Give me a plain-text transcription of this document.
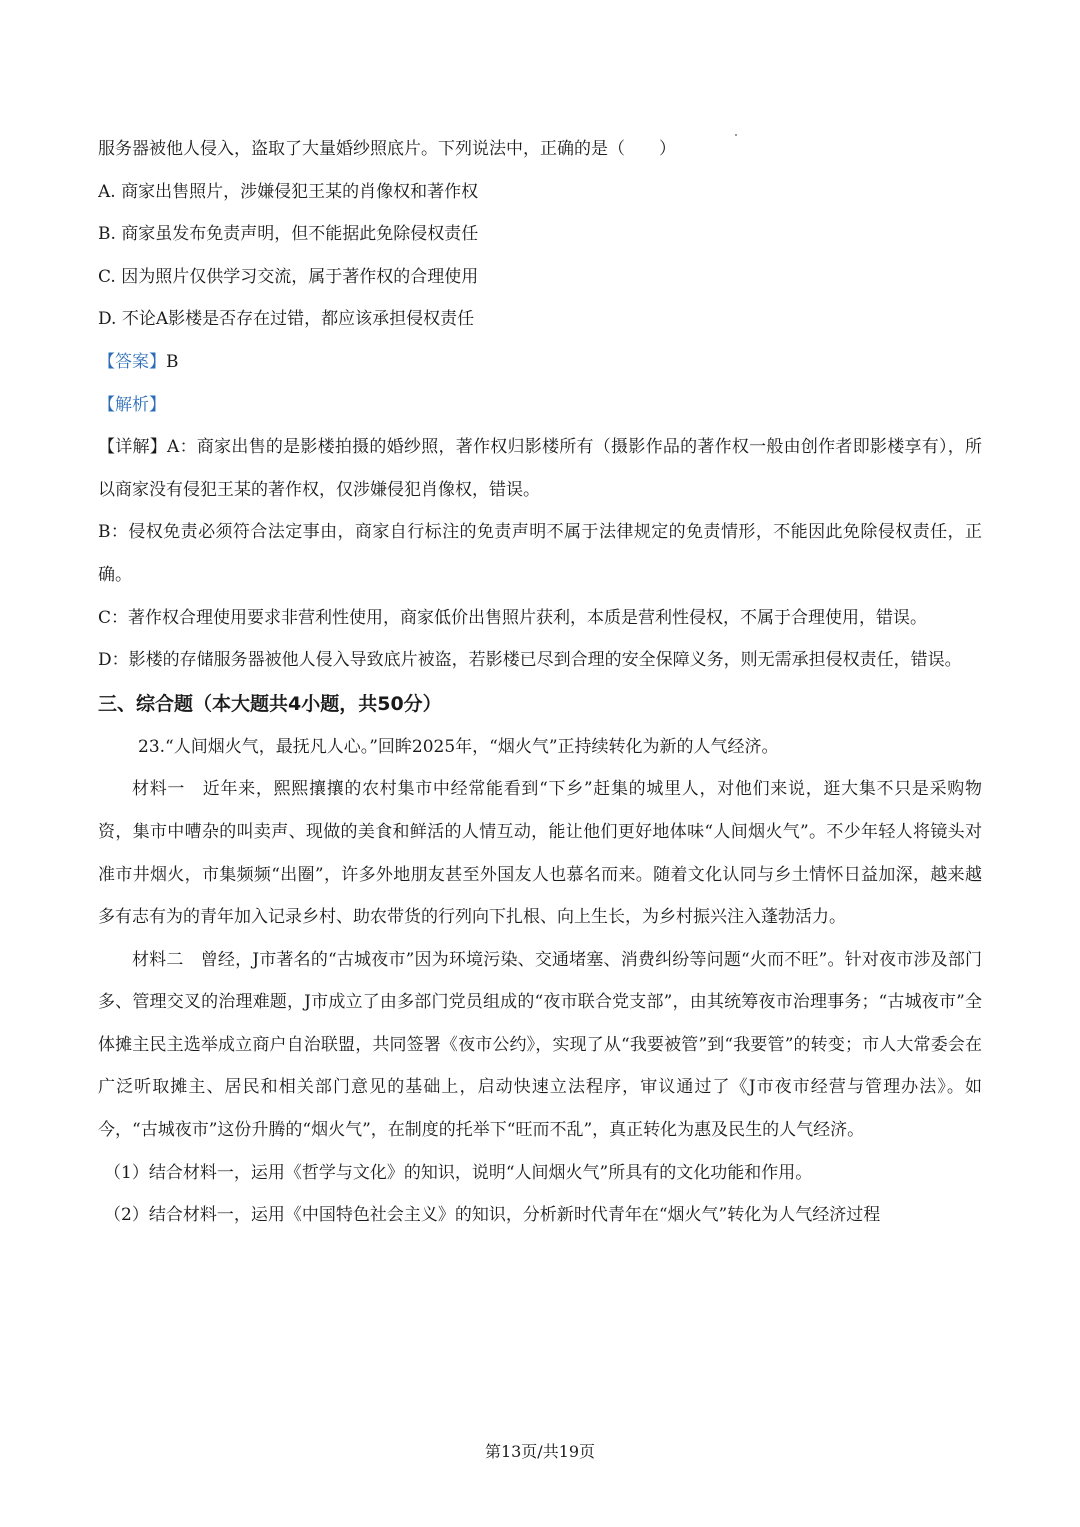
服务器被他人侵入，盗取了大量婚纱照底片。下列说法中，正确的是（　　）
A. 商家出售照片，涉嫌侵犯王某的肖像权和著作权
B. 商家虽发布免责声明，但不能据此免除侵权责任
C. 因为照片仅供学习交流，属于著作权的合理使用
D. 不论A影楼是否存在过错，都应该承担侵权责任
【答案】B
【解析】
【详解】A：商家出售的是影楼拍摄的婚纱照，著作权归影楼所有（摄影作品的著作权一般由创作者即影楼享有），所以商家没有侵犯王某的著作权，仅涉嫌侵犯肖像权，错误。
B：侵权免责必须符合法定事由，商家自行标注的免责声明不属于法律规定的免责情形，不能因此免除侵权责任，正确。
C：著作权合理使用要求非营利性使用，商家低价出售照片获利，本质是营利性侵权，不属于合理使用，错误。
D：影楼的存储服务器被他人侵入导致底片被盗，若影楼已尽到合理的安全保障义务，则无需承担侵权责任，错误。
三、综合题（本大题共4小题，共50分）
23.“人间烟火气，最抚凡人心。”回眸2025年，“烟火气”正持续转化为新的人气经济。
材料一　近年来，熙熙攘攘的农村集市中经常能看到“下乡”赶集的城里人，对他们来说，逛大集不只是采购物资，集市中嘈杂的叫卖声、现做的美食和鲜活的人情互动，能让他们更好地体味“人间烟火气”。不少年轻人将镜头对准市井烟火，市集频频“出圈”，许多外地朋友甚至外国友人也慕名而来。随着文化认同与乡土情怀日益加深，越来越多有志有为的青年加入记录乡村、助农带货的行列向下扎根、向上生长，为乡村振兴注入蓬勃活力。
材料二　曾经，J市著名的“古城夜市”因为环境污染、交通堵塞、消费纠纷等问题“火而不旺”。针对夜市涉及部门多、管理交叉的治理难题，J市成立了由多部门党员组成的“夜市联合党支部”，由其统筹夜市治理事务；“古城夜市”全体摊主民主选举成立商户自治联盟，共同签署《夜市公约》，实现了从“我要被管”到“我要管”的转变；市人大常委会在广泛听取摊主、居民和相关部门意见的基础上，启动快速立法程序，审议通过了《J市夜市经营与管理办法》。如今，“古城夜市”这份升腾的“烟火气”，在制度的托举下“旺而不乱”，真正转化为惠及民生的人气经济。
（1）结合材料一，运用《哲学与文化》的知识，说明“人间烟火气”所具有的文化功能和作用。
（2）结合材料一，运用《中国特色社会主义》的知识，分析新时代青年在“烟火气”转化为人气经济过程
第13页/共19页
